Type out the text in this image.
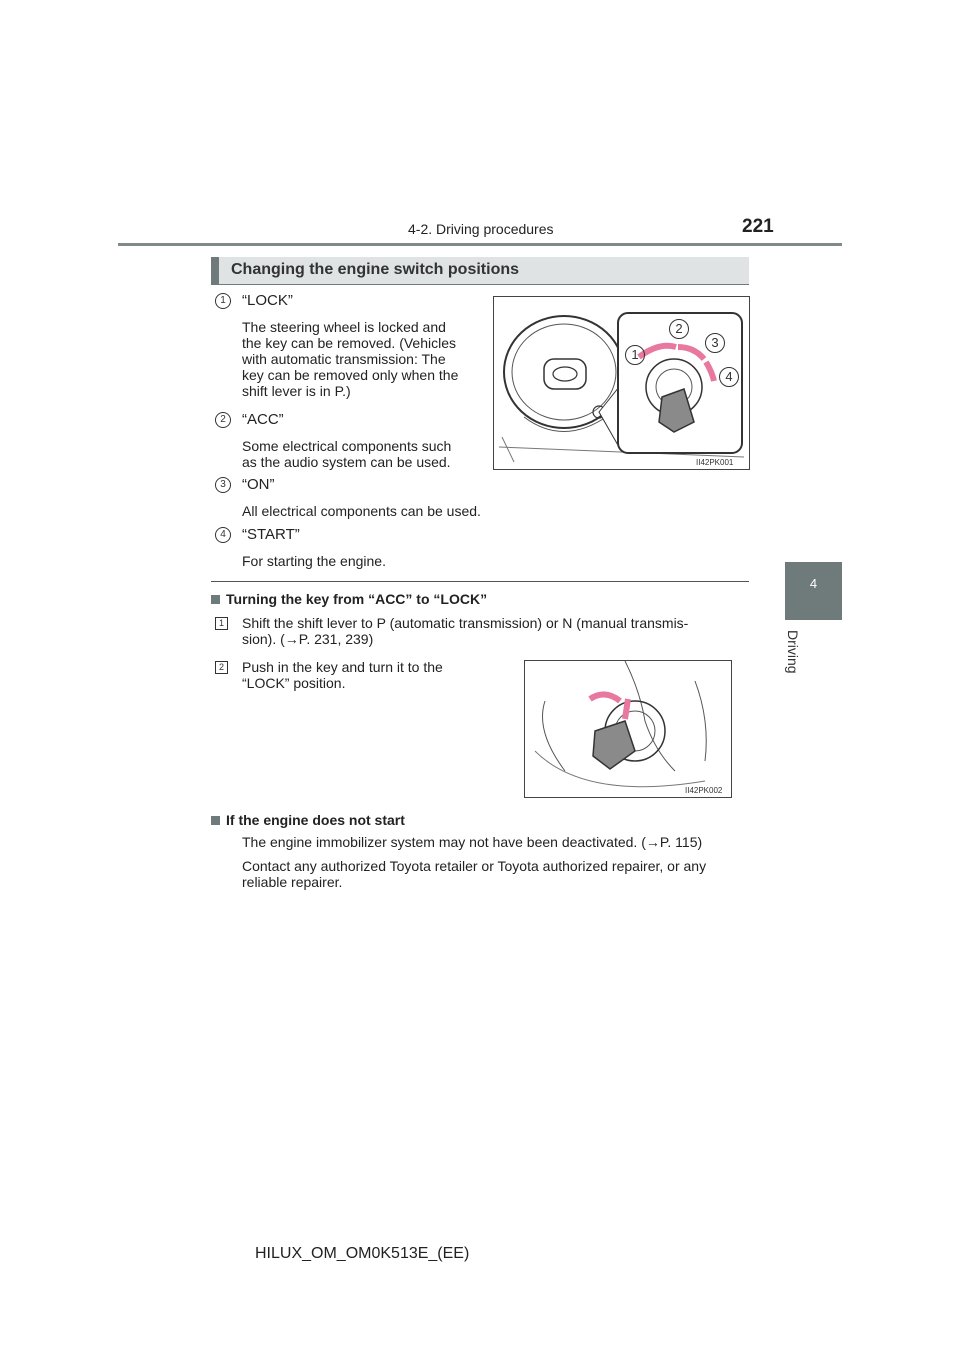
4-2. Driving procedures	221
4
Driving
Changing the engine switch positions
1	“LOCK”
The steering wheel is locked and
the key can be removed. (Vehicles
with automatic transmission: The
key can be removed only when the
shift lever is in P.)
2	“ACC”
Some electrical components such
as the audio system can be used.
3	“ON”
All electrical components can be used.
4	“START”
For starting the engine.
1
2
3
4
II42PK001
Turning the key from “ACC” to “LOCK”
1 Shift the shift lever to P (automatic transmission) or N (manual transmis-
sion). (→P. 231, 239)
2 Push in the key and turn it to the
“LOCK” position.
II42PK002
If the engine does not start
The engine immobilizer system may not have been deactivated. (→P. 115)
Contact any authorized Toyota retailer or Toyota authorized repairer, or any
reliable repairer.
HILUX_OM_OM0K513E_(EE)
